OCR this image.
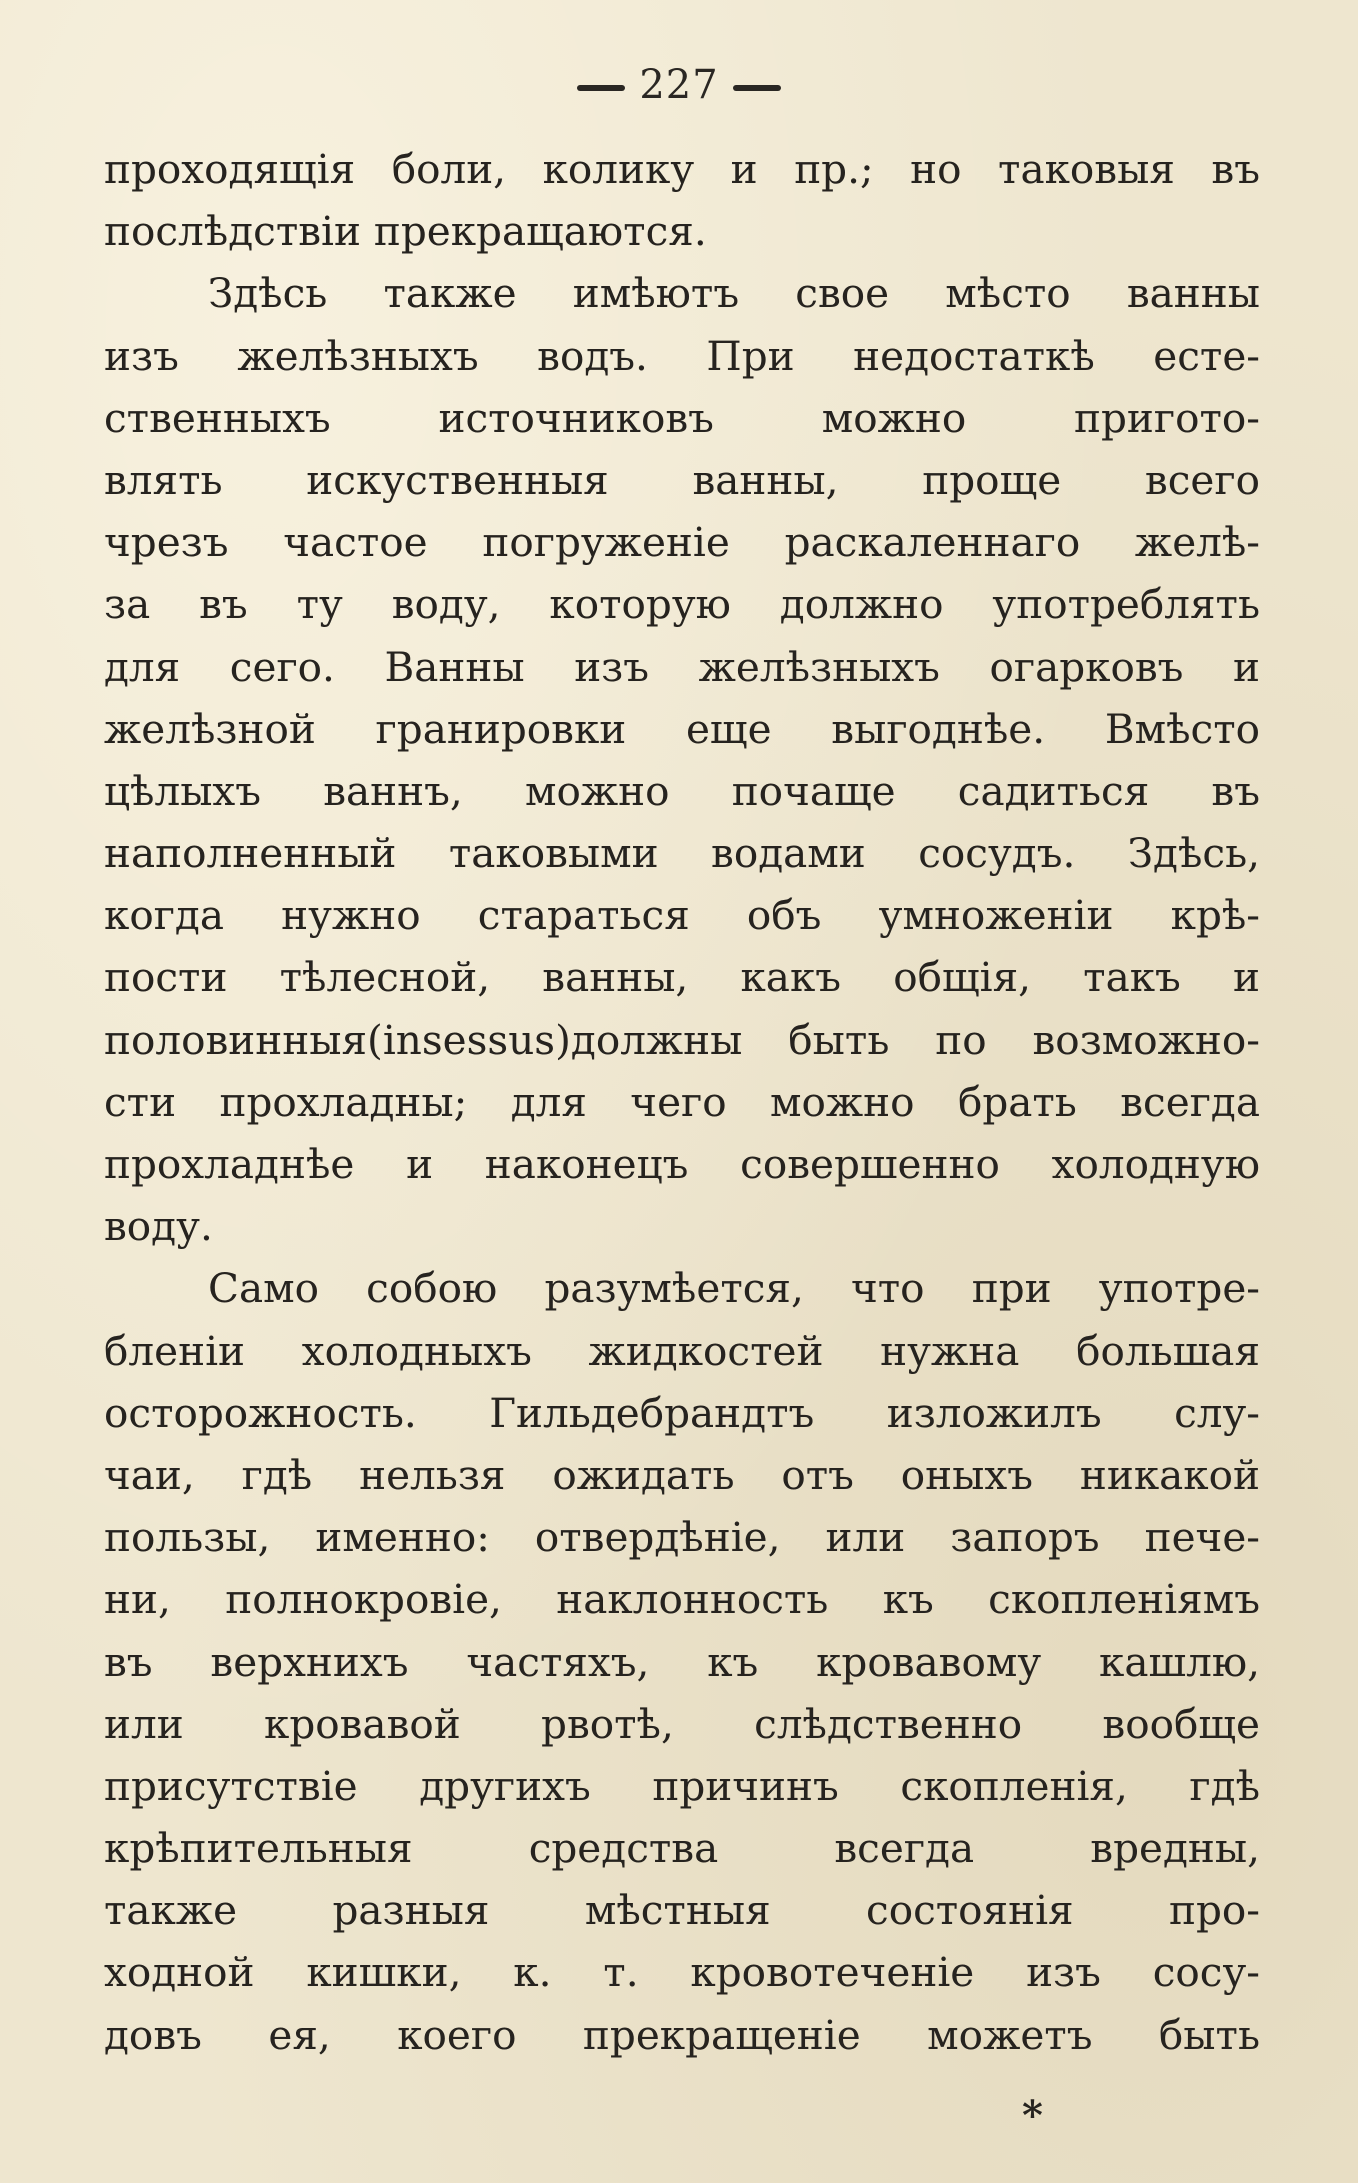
227
проходящія боли, колику и пр.; но таковыя въ
послѣдствіи прекращаются.
Здѣсь также имѣютъ свое мѣсто ванны
изъ желѣзныхъ водъ. При недостаткѣ есте-
ственныхъ источниковъ можно пригото-
влять искуственныя ванны, проще всего
чрезъ частое погруженіе раскаленнаго желѣ-
за въ ту воду, которую должно употреблять
для сего. Ванны изъ желѣзныхъ огарковъ и
желѣзной гранировки еще выгоднѣе. Вмѣсто
цѣлыхъ ваннъ, можно почаще садиться въ
наполненный таковыми водами сосудъ. Здѣсь,
когда нужно стараться объ умноженіи крѣ-
пости тѣлесной, ванны, какъ общія, такъ и
половинныя(insessus)должны быть по возможно-
сти прохладны; для чего можно брать всегда
прохладнѣе и наконецъ совершенно холодную
воду.
Само собою разумѣется, что при употре-
бленіи холодныхъ жидкостей нужна большая
осторожность. Гильдебрандтъ изложилъ слу-
чаи, гдѣ нельзя ожидать отъ оныхъ никакой
пользы, именно: отвердѣніе, или запоръ пече-
ни, полнокровіе, наклонность къ скопленіямъ
въ верхнихъ частяхъ, къ кровавому кашлю,
или кровавой рвотѣ, слѣдственно вообще
присутствіе другихъ причинъ скопленія, гдѣ
крѣпительныя средства всегда вредны,
также разныя мѣстныя состоянія про-
ходной кишки, к. т. кровотеченіе изъ сосу-
довъ ея, коего прекращеніе можетъ быть
*
